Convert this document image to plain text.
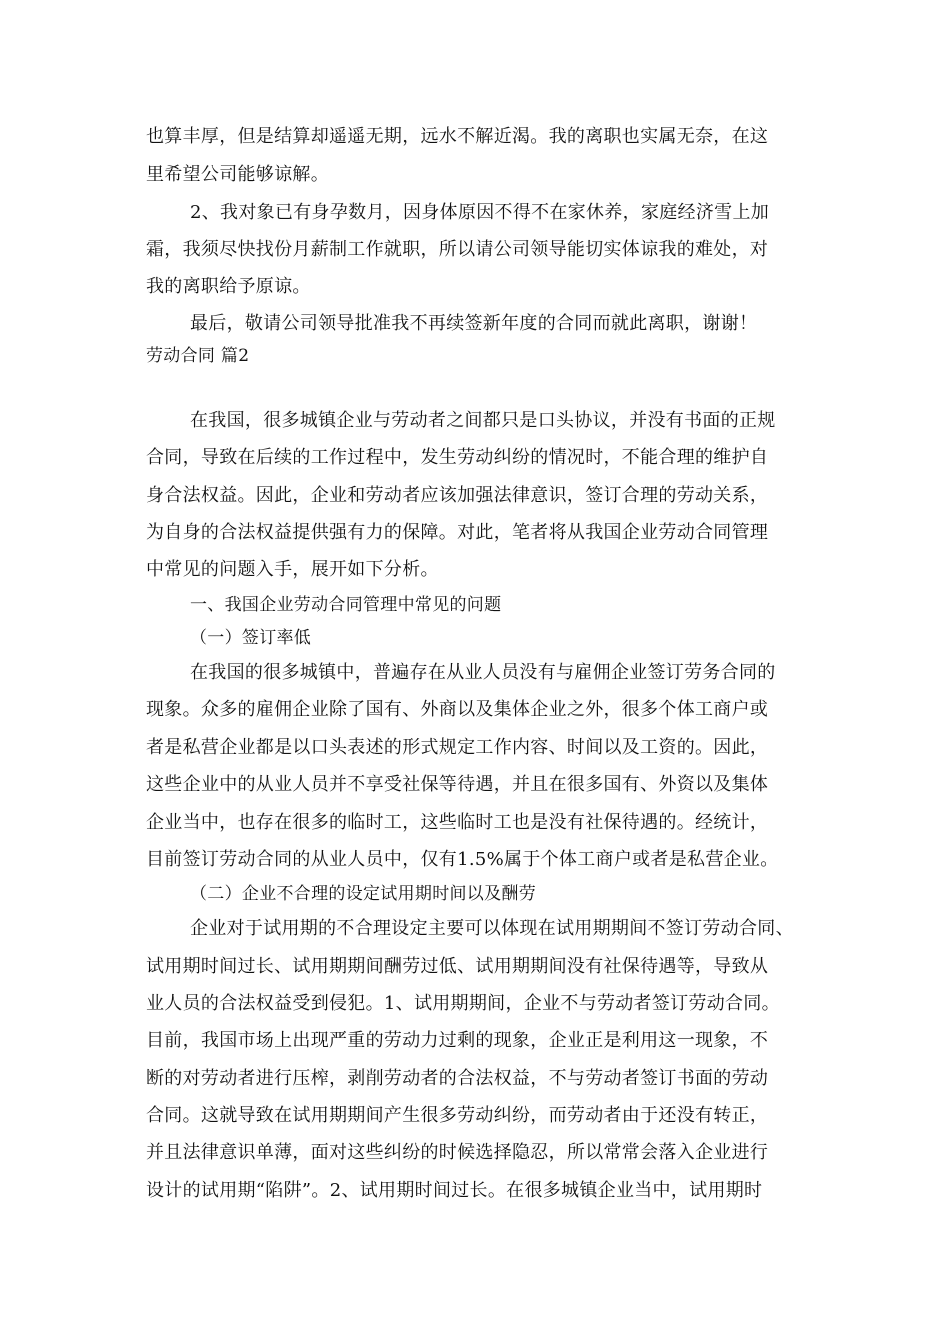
也算丰厚，但是结算却遥遥无期，远水不解近渴。我的离职也实属无奈，在这
里希望公司能够谅解。
2、我对象已有身孕数月，因身体原因不得不在家休养，家庭经济雪上加
霜，我须尽快找份月薪制工作就职，所以请公司领导能切实体谅我的难处，对
我的离职给予原谅。
最后，敬请公司领导批准我不再续签新年度的合同而就此离职，谢谢！
劳动合同 篇2
在我国，很多城镇企业与劳动者之间都只是口头协议，并没有书面的正规
合同，导致在后续的工作过程中，发生劳动纠纷的情况时，不能合理的维护自
身合法权益。因此，企业和劳动者应该加强法律意识，签订合理的劳动关系，
为自身的合法权益提供强有力的保障。对此，笔者将从我国企业劳动合同管理
中常见的问题入手，展开如下分析。
一、我国企业劳动合同管理中常见的问题
（一）签订率低
在我国的很多城镇中，普遍存在从业人员没有与雇佣企业签订劳务合同的
现象。众多的雇佣企业除了国有、外商以及集体企业之外，很多个体工商户或
者是私营企业都是以口头表述的形式规定工作内容、时间以及工资的。因此，
这些企业中的从业人员并不享受社保等待遇，并且在很多国有、外资以及集体
企业当中，也存在很多的临时工，这些临时工也是没有社保待遇的。经统计，
目前签订劳动合同的从业人员中，仅有1.5%属于个体工商户或者是私营企业。
（二）企业不合理的设定试用期时间以及酬劳
企业对于试用期的不合理设定主要可以体现在试用期期间不签订劳动合同、
试用期时间过长、试用期期间酬劳过低、试用期期间没有社保待遇等，导致从
业人员的合法权益受到侵犯。1、试用期期间，企业不与劳动者签订劳动合同。
目前，我国市场上出现严重的劳动力过剩的现象，企业正是利用这一现象，不
断的对劳动者进行压榨，剥削劳动者的合法权益，不与劳动者签订书面的劳动
合同。这就导致在试用期期间产生很多劳动纠纷，而劳动者由于还没有转正，
并且法律意识单薄，面对这些纠纷的时候选择隐忍，所以常常会落入企业进行
设计的试用期“陷阱”。2、试用期时间过长。在很多城镇企业当中，试用期时
